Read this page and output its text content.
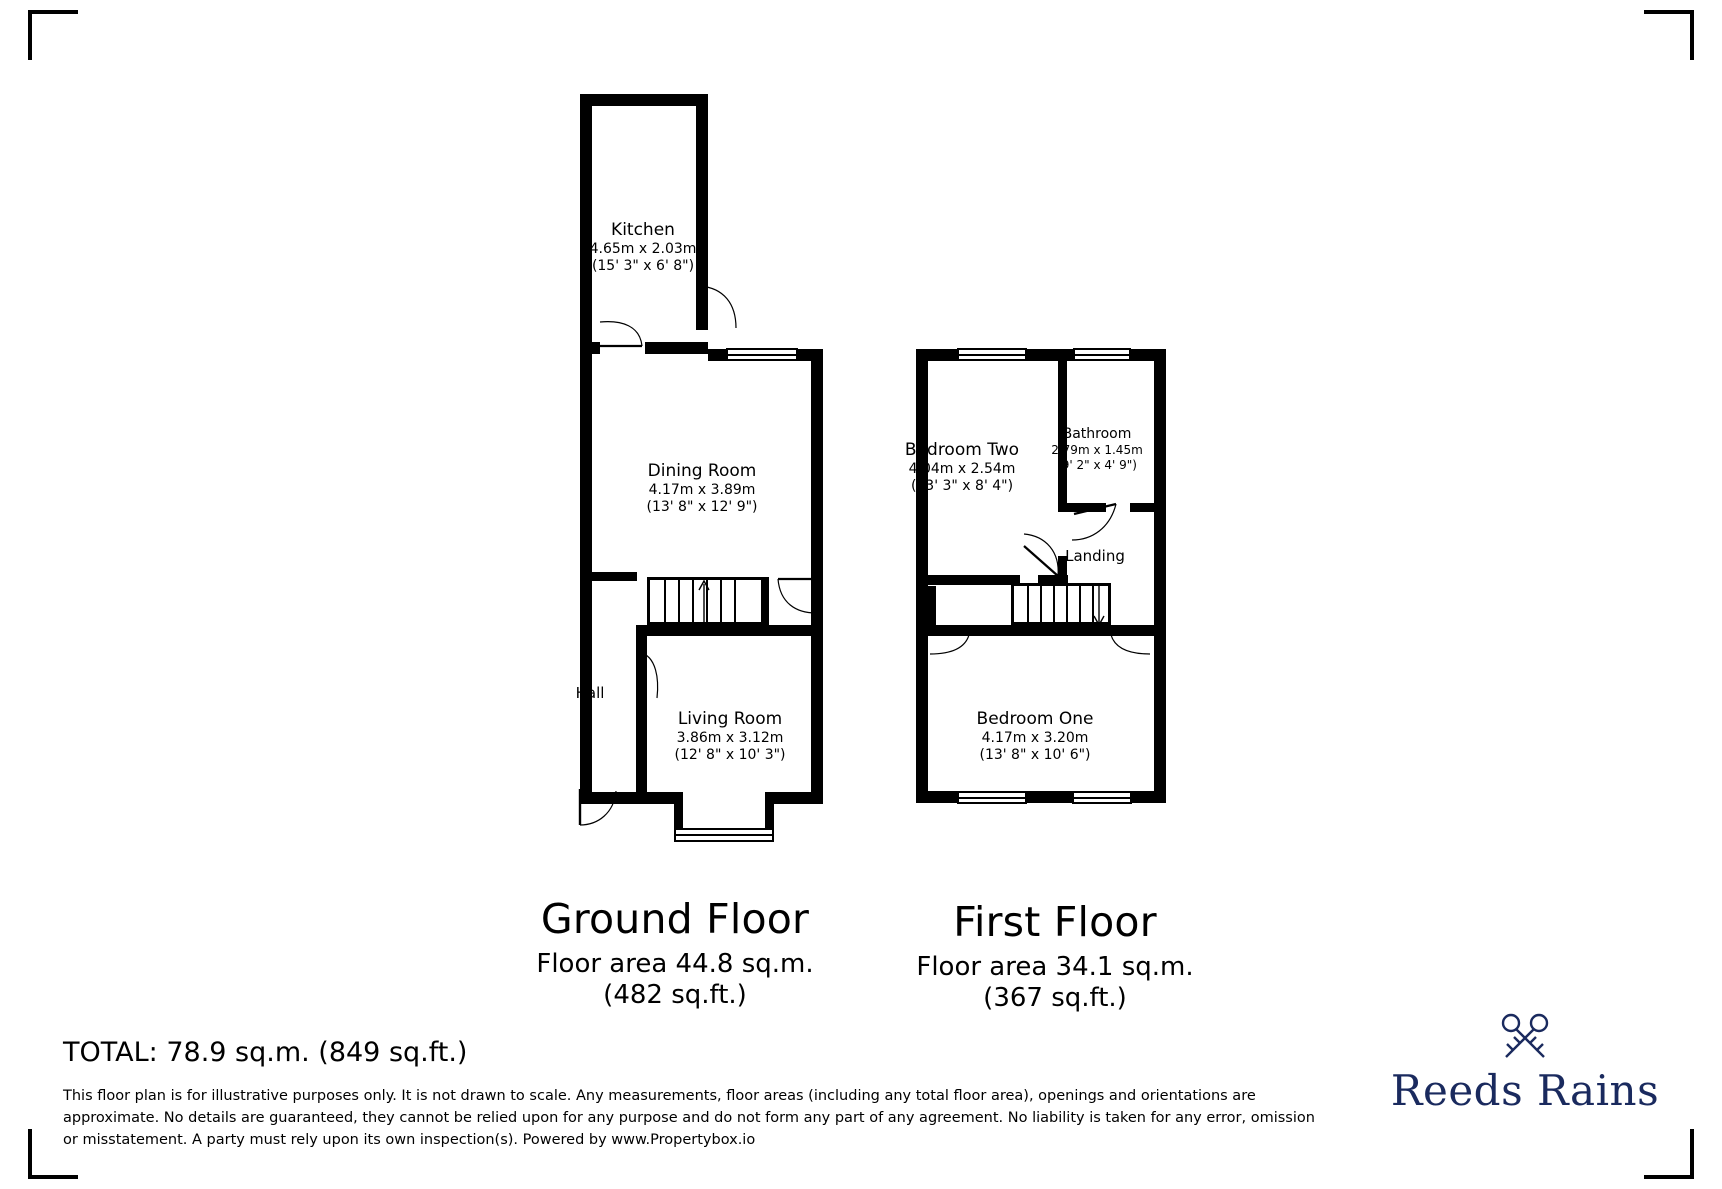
Kitchen
4.65m x 2.03m
(15' 3" x 6' 8")
Dining Room
4.17m x 3.89m
(13' 8" x 12' 9")
Living Room
3.86m x 3.12m
(12' 8" x 10' 3")
Hall
Bedroom Two
4.04m x 2.54m
(13' 3" x 8' 4")
Bathroom
2.79m x 1.45m
(9' 2" x 4' 9")
Bedroom One
4.17m x 3.20m
(13' 8" x 10' 6")
Landing
Ground Floor
Floor area 44.8 sq.m.
(482 sq.ft.)
First Floor
Floor area 34.1 sq.m.
(367 sq.ft.)
TOTAL: 78.9 sq.m. (849 sq.ft.)
This floor plan is for illustrative purposes only. It is not drawn to scale. Any measurements, floor areas (including any total floor area), openings and orientations are approximate. No details are guaranteed, they cannot be relied upon for any purpose and do not form any part of any agreement. No liability is taken for any error, omission or misstatement. A party must rely upon its own inspection(s). Powered by www.Propertybox.io
Reeds Rains
